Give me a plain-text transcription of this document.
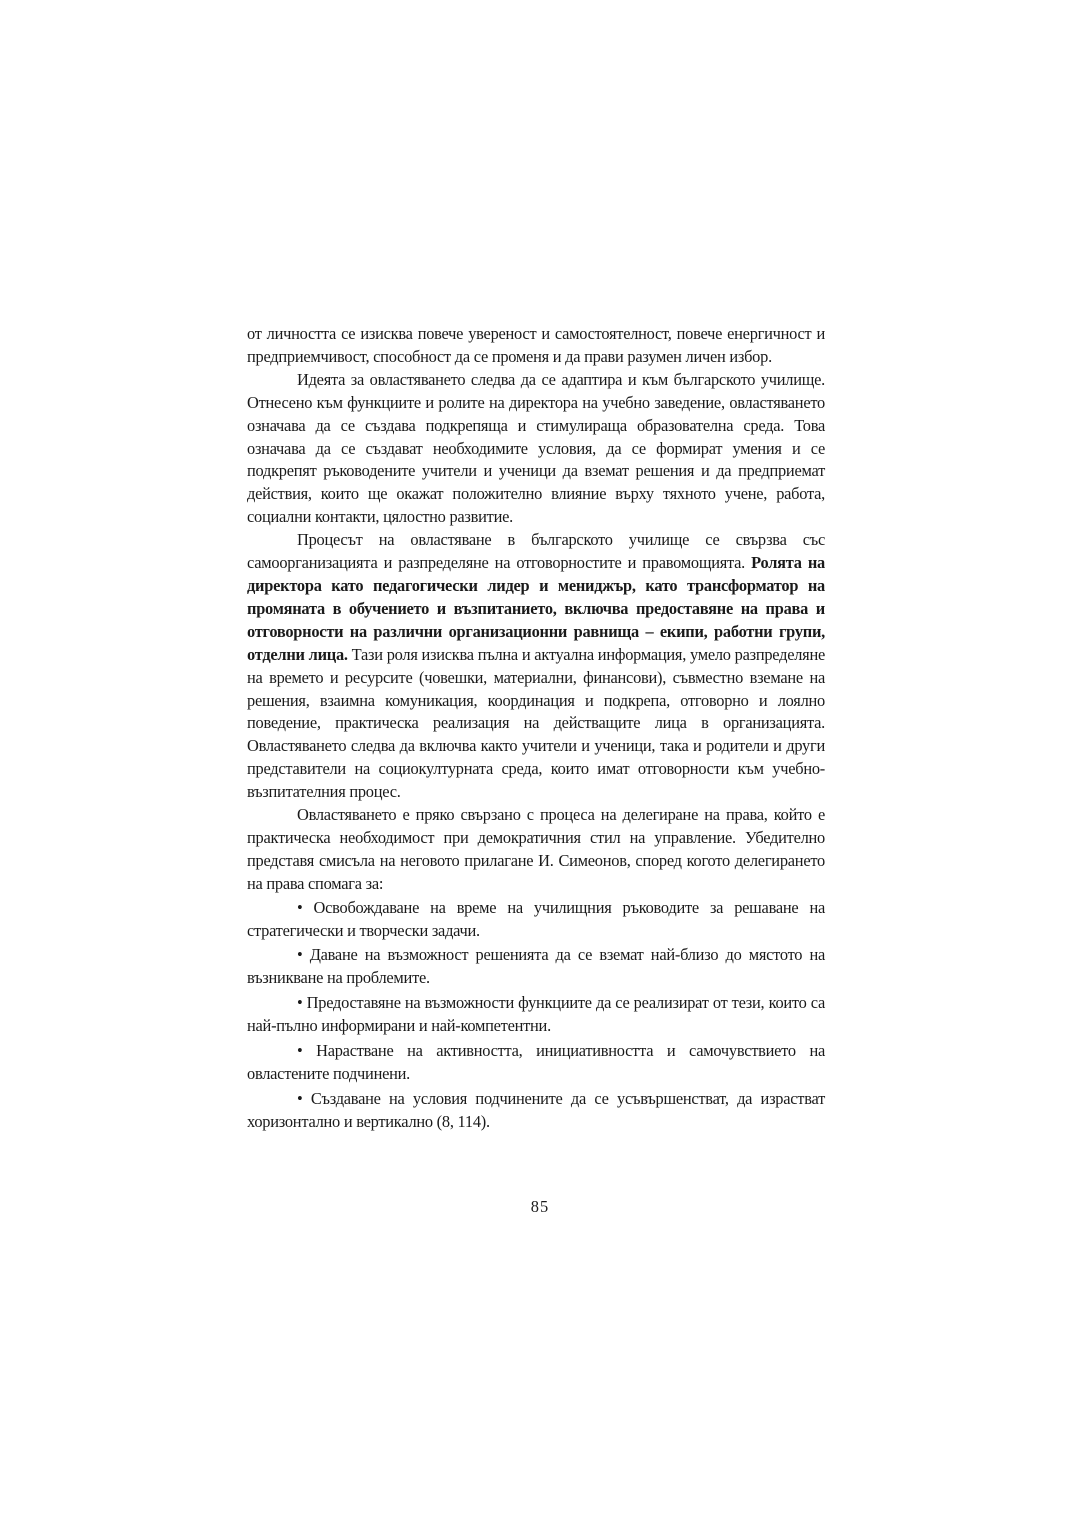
от личността се изисква повече увереност и самостоятелност, повече енергичност и предприемчивост, способност да се променя и да прави разумен личен избор.

Идеята за овластяването следва да се адаптира и към българското училище. Отнесено към функциите и ролите на директора на учебно заведение, овластяването означава да се създава подкрепяща и стимулираща образователна среда. Това означава да се създават необходимите условия, да се формират умения и се подкрепят ръководените учители и ученици да вземат решения и да предприемат действия, които ще окажат положително влияние върху тяхното учене, работа, социални контакти, цялостно развитие.

Процесът на овластяване в българското училище се свързва със самоорганизацията и разпределяне на отговорностите и правомощията. Ролята на директора като педагогически лидер и мениджър, като трансформатор на промяната в обучението и възпитанието, включва предоставяне на права и отговорности на различни организационни равнища – екипи, работни групи, отделни лица. Тази роля изисква пълна и актуална информация, умело разпределяне на времето и ресурсите (човешки, материални, финансови), съвместно вземане на решения, взаимна комуникация, координация и подкрепа, отговорно и лоялно поведение, практическа реализация на действащите лица в организацията. Овластяването следва да включва както учители и ученици, така и родители и други представители на социокултурната среда, които имат отговорности към учебно-възпитателния процес.

Овластяването е пряко свързано с процеса на делегиране на права, който е практическа необходимост при демократичния стил на управление. Убедително представя смисъла на неговото прилагане И. Симеонов, според когото делегирането на права спомага за:

• Освобождаване на време на училищния ръководите за решаване на стратегически и творчески задачи.

• Даване на възможност решенията да се вземат най-близо до мястото на възникване на проблемите.

• Предоставяне на възможности функциите да се реализират от тези, които са най-пълно информирани и най-компетентни.

• Нарастване на активността, инициативността и самочувствието на овластените подчинени.

• Създаване на условия подчинените да се усъвършенстват, да израстват хоризонтално и вертикално (8, 114).

85
